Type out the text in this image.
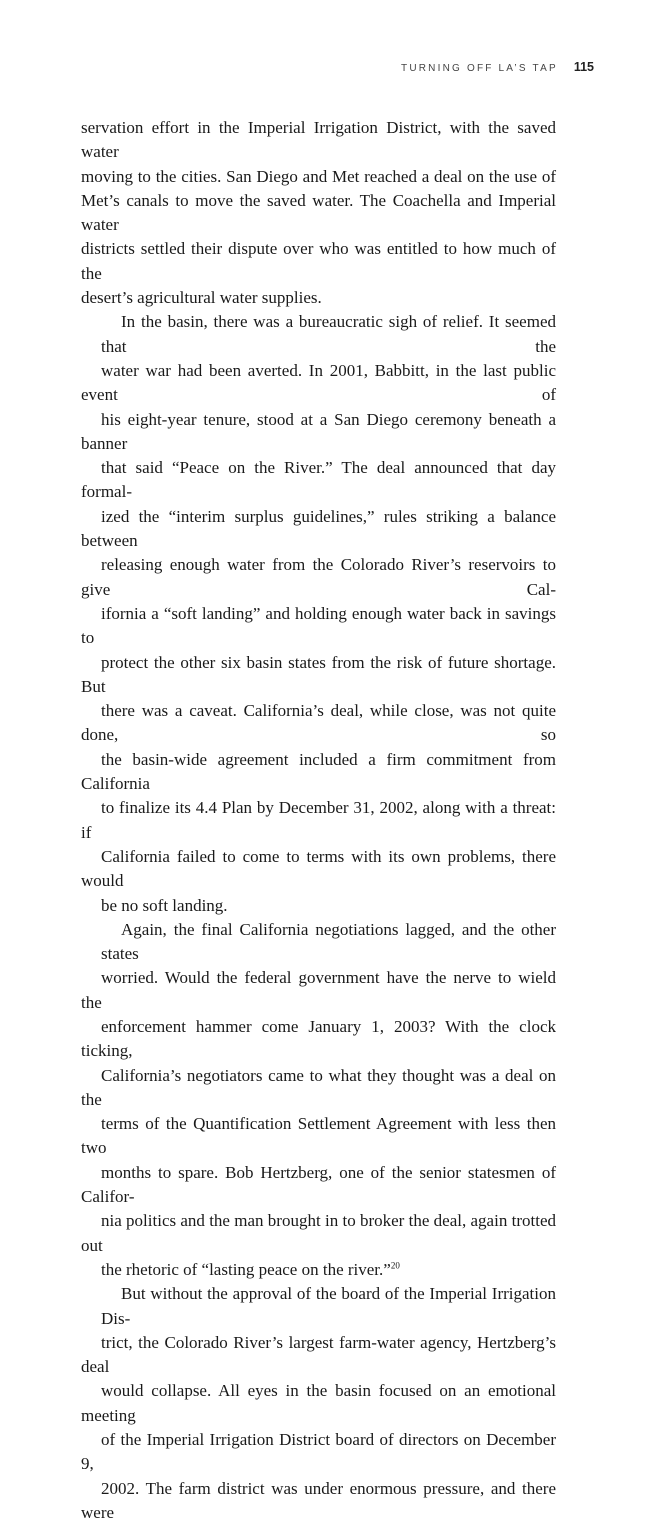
TURNING OFF LA’S TAP 115

servation effort in the Imperial Irrigation District, with the saved water
moving to the cities. San Diego and Met reached a deal on the use of
Met’s canals to move the saved water. The Coachella and Imperial water
districts settled their dispute over who was entitled to how much of the
desert’s agricultural water supplies.

In the basin, there was a bureaucratic sigh of relief. It seemed that the
water war had been averted. In 2001, Babbitt, in the last public event of
his eight-year tenure, stood at a San Diego ceremony beneath a banner
that said “Peace on the River.” The deal announced that day formal-
ized the “interim surplus guidelines,” rules striking a balance between
releasing enough water from the Colorado River’s reservoirs to give Cal-
ifornia a “soft landing” and holding enough water back in savings to
protect the other six basin states from the risk of future shortage. But
there was a caveat. California’s deal, while close, was not quite done, so
the basin-wide agreement included a firm commitment from California
to finalize its 4.4 Plan by December 31, 2002, along with a threat: if
California failed to come to terms with its own problems, there would
be no soft landing.

Again, the final California negotiations lagged, and the other states
worried. Would the federal government have the nerve to wield the
enforcement hammer come January 1, 2003? With the clock ticking,
California’s negotiators came to what they thought was a deal on the
terms of the Quantification Settlement Agreement with less then two
months to spare. Bob Hertzberg, one of the senior statesmen of Califor-
nia politics and the man brought in to broker the deal, again trotted out
the rhetoric of “lasting peace on the river.”$^{20}$

But without the approval of the board of the Imperial Irrigation Dis-
trict, the Colorado River’s largest farm-water agency, Hertzberg’s deal
would collapse. All eyes in the basin focused on an emotional meeting
of the Imperial Irrigation District board of directors on December 9,
2002. The farm district was under enormous pressure, and there were
